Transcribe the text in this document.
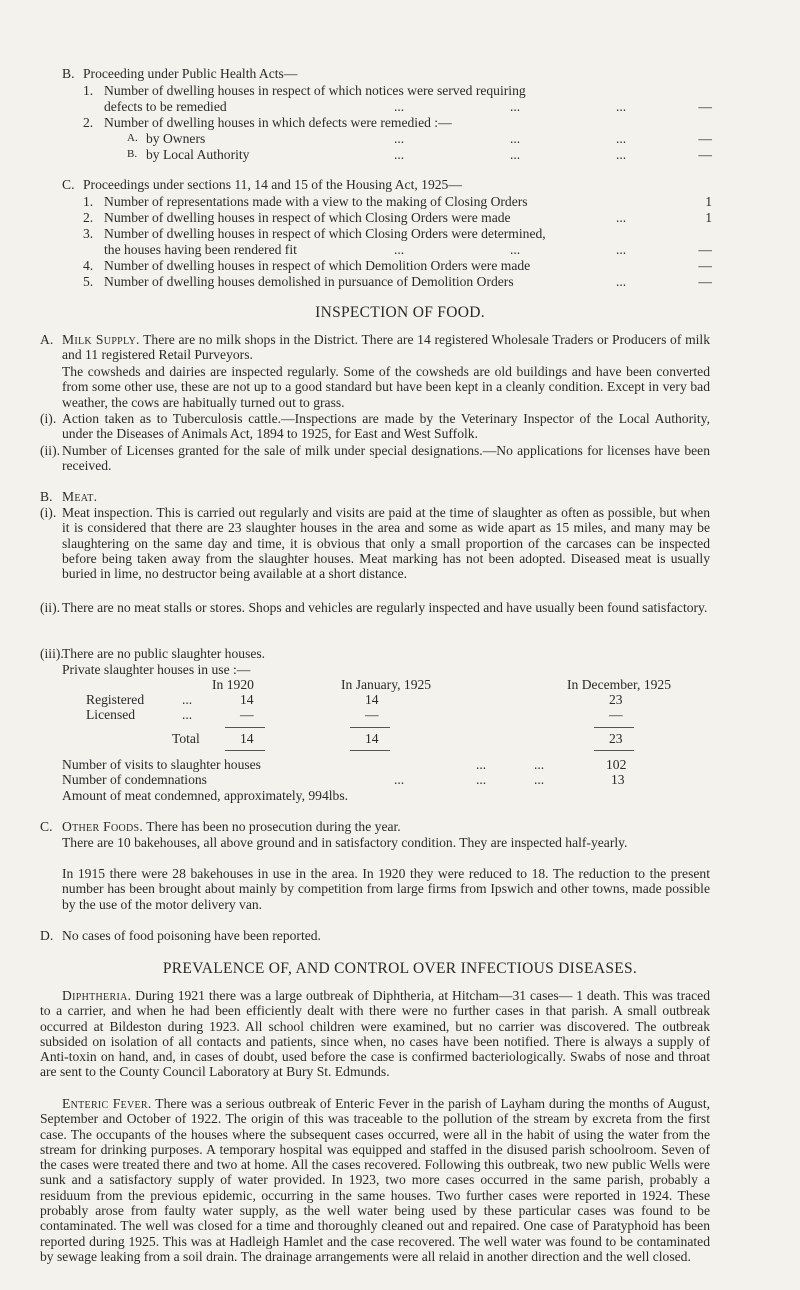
B. Proceeding under Public Health Acts—
1. Number of dwelling houses in respect of which notices were served requiring
defects to be remedied	...	...	...	—
2. Number of dwelling houses in which defects were remedied :—
A. by Owners	...	...	...	—
B. by Local Authority	...	...	...	—
C. Proceedings under sections 11, 14 and 15 of the Housing Act, 1925—
1. Number of representations made with a view to the making of Closing Orders	1
2. Number of dwelling houses in respect of which Closing Orders were made	...	1
3. Number of dwelling houses in respect of which Closing Orders were determined,
the houses having been rendered fit	...	...	...	—
4. Number of dwelling houses in respect of which Demolition Orders were made	—
5. Number of dwelling houses demolished in pursuance of Demolition Orders	...	—
INSPECTION OF FOOD.
A. Milk Supply. There are no milk shops in the District. There are 14 registered Wholesale Traders or Producers of milk and 11 registered Retail Purveyors.
The cowsheds and dairies are inspected regularly. Some of the cowsheds are old buildings and have been converted from some other use, these are not up to a good standard but have been kept in a cleanly condition. Except in very bad weather, the cows are habitually turned out to grass.
(i). Action taken as to Tuberculosis cattle.—Inspections are made by the Veterinary Inspector of the Local Authority, under the Diseases of Animals Act, 1894 to 1925, for East and West Suffolk.
(ii). Number of Licenses granted for the sale of milk under special designations.—No applications for licenses have been received.
B. Meat.
(i). Meat inspection. This is carried out regularly and visits are paid at the time of slaughter as often as possible, but when it is considered that there are 23 slaughter houses in the area and some as wide apart as 15 miles, and many may be slaughtering on the same day and time, it is obvious that only a small proportion of the carcases can be inspected before being taken away from the slaughter houses. Meat marking has not been adopted. Diseased meat is usually buried in lime, no destructor being available at a short distance.
(ii). There are no meat stalls or stores. Shops and vehicles are regularly inspected and have usually been found satisfactory.
(iii).
There are no public slaughter houses.
Private slaughter houses in use :—
In 1920	In January, 1925	In December, 1925
Registered	...	14	14	23
Licensed	...	—	—	—
Total	14	14	23
Number of visits to slaughter houses	...	...	102
Number of condemnations	...	...	...	13
Amount of meat condemned, approximately, 994lbs.
C. Other Foods. There has been no prosecution during the year.
There are 10 bakehouses, all above ground and in satisfactory condition. They are inspected half-yearly.
In 1915 there were 28 bakehouses in use in the area. In 1920 they were reduced to 18. The reduction to the present number has been brought about mainly by competition from large firms from Ipswich and other towns, made possible by the use of the motor delivery van.
D. No cases of food poisoning have been reported.
PREVALENCE OF, AND CONTROL OVER INFECTIOUS DISEASES.
Diphtheria. During 1921 there was a large outbreak of Diphtheria, at Hitcham—31 cases— 1 death. This was traced to a carrier, and when he had been efficiently dealt with there were no further cases in that parish. A small outbreak occurred at Bildeston during 1923. All school children were examined, but no carrier was discovered. The outbreak subsided on isolation of all contacts and patients, since when, no cases have been notified. There is always a supply of Anti-toxin on hand, and, in cases of doubt, used before the case is confirmed bacteriologically. Swabs of nose and throat are sent to the County Council Laboratory at Bury St. Edmunds.
Enteric Fever. There was a serious outbreak of Enteric Fever in the parish of Layham during the months of August, September and October of 1922. The origin of this was traceable to the pollution of the stream by excreta from the first case. The occupants of the houses where the subsequent cases occurred, were all in the habit of using the water from the stream for drinking purposes. A temporary hospital was equipped and staffed in the disused parish schoolroom. Seven of the cases were treated there and two at home. All the cases recovered. Following this outbreak, two new public Wells were sunk and a satisfactory supply of water provided. In 1923, two more cases occurred in the same parish, probably a residuum from the previous epidemic, occurring in the same houses. Two further cases were reported in 1924. These probably arose from faulty water supply, as the well water being used by these particular cases was found to be contaminated. The well was closed for a time and thoroughly cleaned out and repaired. One case of Paratyphoid has been reported during 1925. This was at Hadleigh Hamlet and the case recovered. The well water was found to be contaminated by sewage leaking from a soil drain. The drainage arrangements were all relaid in another direction and the well closed.
